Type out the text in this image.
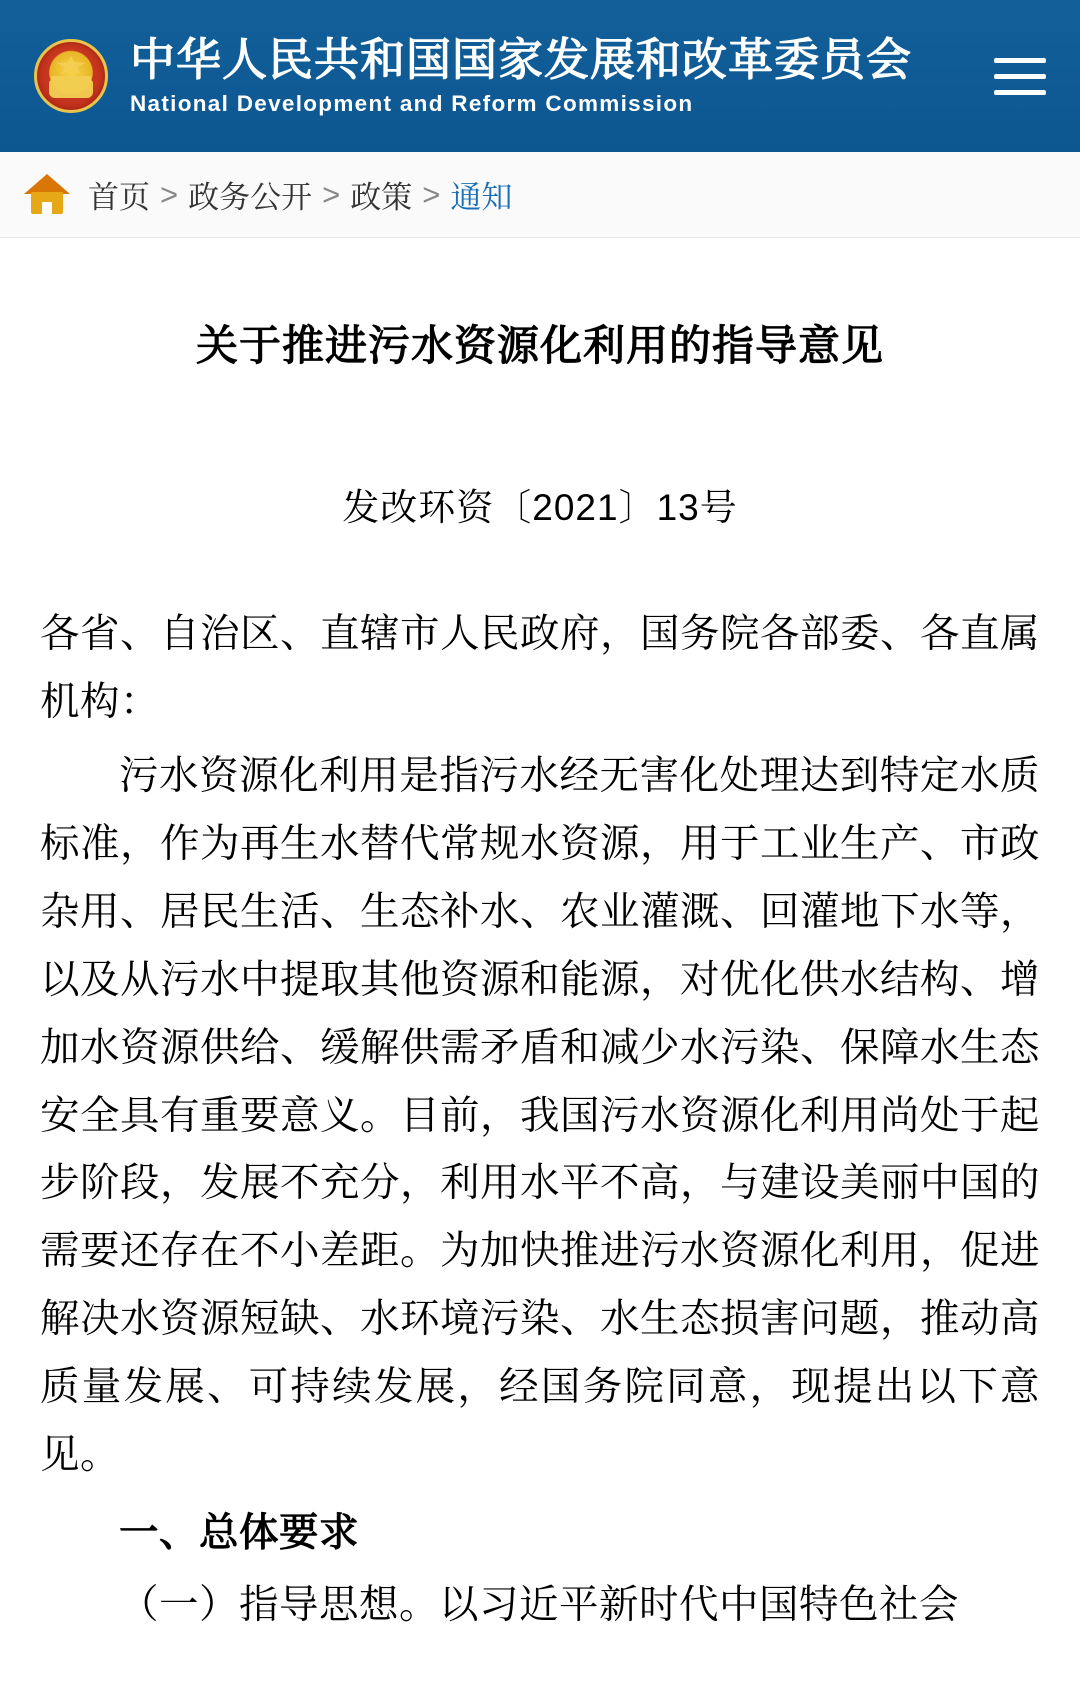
中华人民共和国国家发展和改革委员会
National Development and Reform Commission
首页 > 政务公开 > 政策 > 通知
关于推进污水资源化利用的指导意见
发改环资〔2021〕13号

各省、自治区、直辖市人民政府，国务院各部委、各直属机构：

污水资源化利用是指污水经无害化处理达到特定水质标准，作为再生水替代常规水资源，用于工业生产、市政杂用、居民生活、生态补水、农业灌溉、回灌地下水等，以及从污水中提取其他资源和能源，对优化供水结构、增加水资源供给、缓解供需矛盾和减少水污染、保障水生态安全具有重要意义。目前，我国污水资源化利用尚处于起步阶段，发展不充分，利用水平不高，与建设美丽中国的需要还存在不小差距。为加快推进污水资源化利用，促进解决水资源短缺、水环境污染、水生态损害问题，推动高质量发展、可持续发展，经国务院同意，现提出以下意见。

一、总体要求

（一）指导思想。以习近平新时代中国特色社会
